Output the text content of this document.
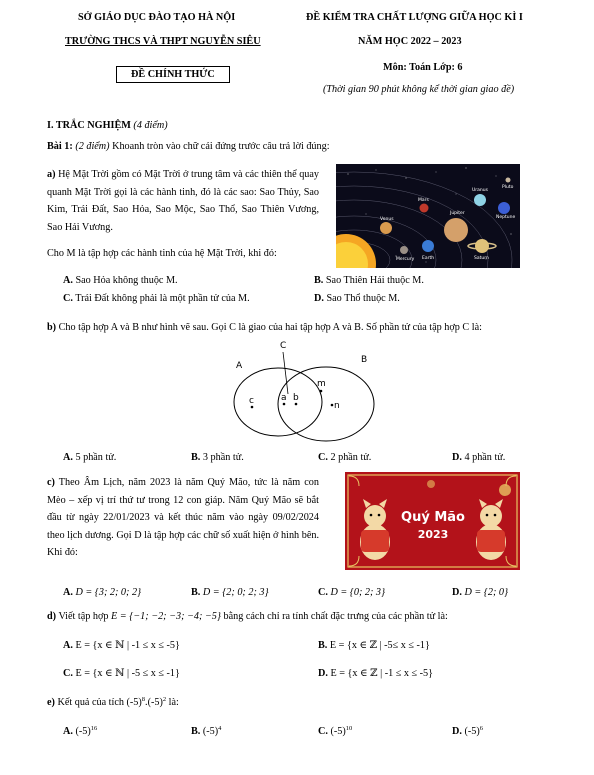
SỞ GIÁO DỤC ĐÀO TẠO HÀ NỘI
TRƯỜNG THCS VÀ THPT NGUYỄN SIÊU
ĐỀ CHÍNH THỨC
ĐỀ KIỂM TRA CHẤT LƯỢNG GIỮA HỌC KÌ I
NĂM HỌC 2022 – 2023
Môn: Toán Lớp: 6
(Thời gian 90 phút không kể thời gian giao đề)
I. TRẮC NGHIỆM (4 điểm)
Bài 1: (2 điểm) Khoanh tròn vào chữ cái đứng trước câu trả lời đúng:
a) Hệ Mặt Trời gồm có Mặt Trời ở trung tâm và các thiên thể quay quanh Mặt Trời gọi là các hành tinh, đó là các sao: Sao Thủy, Sao Kim, Trái Đất, Sao Hỏa, Sao Mộc, Sao Thổ, Sao Thiên Vương, Sao Hải Vương.
Cho M là tập hợp các hành tinh của hệ Mặt Trời, khi đó:
Pluto
Uranus
Neptune
Mars
Venus
Jupiter
Mercury Earth	Saturn
A. Sao Hỏa không thuộc M.	B. Sao Thiên Hải thuộc M.
C. Trái Đất không phải là một phần tử của M.	D. Sao Thổ thuộc M.
b) Cho tập hợp A và B như hình vẽ sau. Gọi C là giao của hai tập hợp A và B. Số phần tử của tập hợp C là:
C
A
B
c	a b
m
n
A. 5 phần tử.	B. 3 phần tử.	C. 2 phần tử.	D. 4 phần tử.
c) Theo Âm Lịch, năm 2023 là năm Quý Mão, tức là năm con Mèo – xếp vị trí thứ tư trong 12 con giáp. Năm Quý Mão sẽ bắt đầu từ ngày 22/01/2023 và kết thúc năm vào ngày 09/02/2024 theo lịch dương. Gọi D là tập hợp các chữ số xuất hiện ở hình bên. Khi đó:
Quý Mão
2023
A. D = {3; 2; 0; 2}	B. D = {2; 0; 2; 3}	C. D = {0; 2; 3}	D. D = {2; 0}
d) Viết tập hợp E = {−1; −2; −3; −4; −5} bằng cách chỉ ra tính chất đặc trưng của các phần tử là:
A. E = {x ∈ ℕ | -1 ≤ x ≤ -5}	B. E = {x ∈ ℤ | -5≤ x ≤ -1}
C. E = {x ∈ ℕ | -5 ≤ x ≤ -1}	D. E = {x ∈ ℤ | -1 ≤ x ≤ -5}
e) Kết quả của tích $(-5)^8.(-5)^2$ là:
A. $(-5)^{16}$	B. $(-5)^4$	C. $(-5)^{10}$	D. $(-5)^6$
